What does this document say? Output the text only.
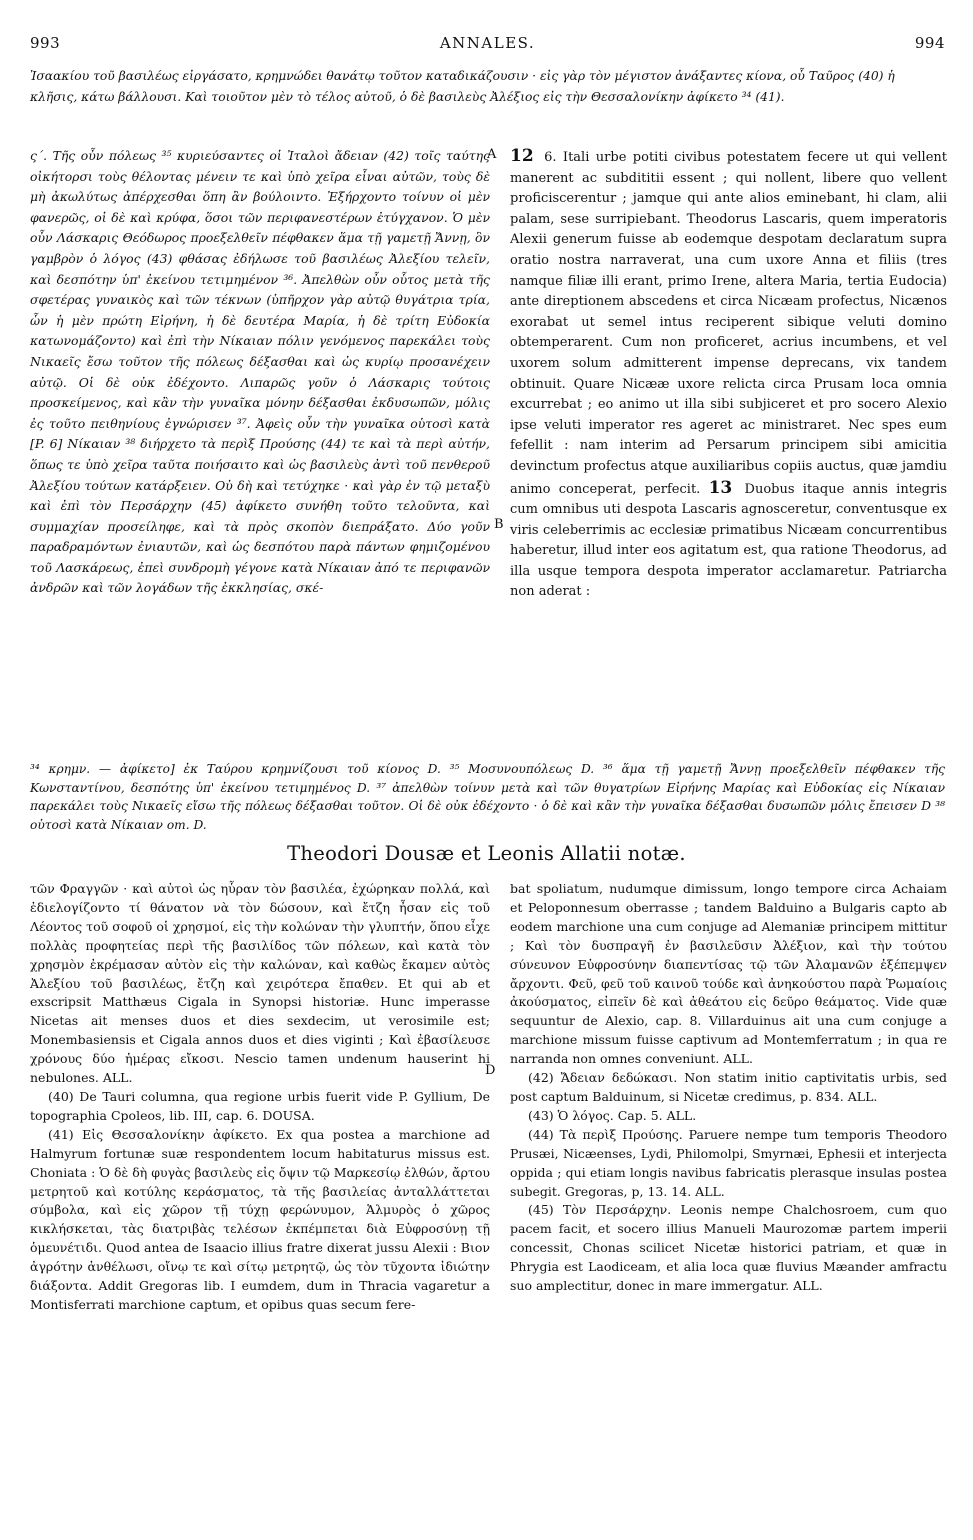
993	ANNALES.	994

Ἰσαακίου τοῦ βασιλέως εἰργάσατο, κρημνώδει θανάτῳ τοῦτον καταδικάζουσιν · εἰς γὰρ τὸν μέγιστον ἀνάξαντες κίονα, οὗ Ταῦρος (40) ἡ κλῆσις, κάτω βάλλουσι. Καὶ τοιοῦτον μὲν τὸ τέλος αὐτοῦ, ὁ δὲ βασιλεὺς Ἀλέξιος εἰς τὴν Θεσσαλονίκην ἀφίκετο ³⁴ (41).

ς΄. Τῆς οὖν πόλεως ³⁵ κυριεύσαντες οἱ Ἰταλοὶ ἄδειαν (42) τοῖς ταύτης οἰκήτορσι τοὺς θέλοντας μένειν τε καὶ ὑπὸ χεῖρα εἶναι αὐτῶν, τοὺς δὲ μὴ ἀκωλύτως ἀπέρχεσθαι ὅπη ἂν βούλοιντο. Ἐξήρχοντο τοίνυν οἱ μὲν φανερῶς, οἱ δὲ καὶ κρύφα, ὅσοι τῶν περιφανεστέρων ἐτύγχανον. Ὁ μὲν οὖν Λάσκαρις Θεόδωρος προεξελθεῖν πέφθακεν ἅμα τῇ γαμετῇ Ἄννῃ, ὃν γαμβρὸν ὁ λόγος (43) φθάσας ἐδήλωσε τοῦ βασιλέως Ἀλεξίου τελεῖν, καὶ δεσπότην ὑπ' ἐκείνου τετιμημένον ³⁶. Ἀπελθὼν οὖν οὗτος μετὰ τῆς σφετέρας γυναικὸς καὶ τῶν τέκνων (ὑπῆρχον γὰρ αὐτῷ θυγάτρια τρία, ὧν ἡ μὲν πρώτη Εἰρήνη, ἡ δὲ δευτέρα Μαρία, ἡ δὲ τρίτη Εὐδοκία κατωνομάζοντο) καὶ ἐπὶ τὴν Νίκαιαν πόλιν γενόμενος παρεκάλει τοὺς Νικαεῖς ἔσω τοῦτον τῆς πόλεως δέξασθαι καὶ ὡς κυρίῳ προσανέχειν αὐτῷ. Οἱ δὲ οὐκ ἐδέχοντο. Λιπαρῶς γοῦν ὁ Λάσκαρις τούτοις προσκείμενος, καὶ κἂν τὴν γυναῖκα μόνην δέξασθαι ἐκδυσωπῶν, μόλις ἐς τοῦτο πειθηνίους ἐγνώρισεν ³⁷. Ἀφεὶς οὖν τὴν γυναῖκα οὑτοσὶ κατὰ [P. 6] Νίκαιαν ³⁸ διήρχετο τὰ περὶξ Προύσης (44) τε καὶ τὰ περὶ αὐτήν, ὅπως τε ὑπὸ χεῖρα ταῦτα ποιήσαιτο καὶ ὡς βασιλεὺς ἀντὶ τοῦ πενθεροῦ Ἀλεξίου τούτων κατάρξειεν. Οὐ δὴ καὶ τετύχηκε · καὶ γὰρ ἐν τῷ μεταξὺ καὶ ἐπὶ τὸν Περσάρχην (45) ἀφίκετο συνήθη τοῦτο τελοῦντα, καὶ συμμαχίαν προσείληφε, καὶ τὰ πρὸς σκοπὸν διεπράξατο. Δύο γοῦν παραδραμόντων ἐνιαυτῶν, καὶ ὡς δεσπότου παρὰ πάντων φημιζομένου τοῦ Λασκάρεως, ἐπεὶ συνδρομὴ γέγονε κατὰ Νίκαιαν ἀπό τε περιφανῶν ἀνδρῶν καὶ τῶν λογάδων τῆς ἐκκλησίας, σκέ-

A
B
D

12 6. Itali urbe potiti civibus potestatem fecere ut qui vellent manerent ac subdititii essent ; qui nollent, libere quo vellent proficiscerentur ; jamque qui ante alios eminebant, hi clam, alii palam, sese surripiebant. Theodorus Lascaris, quem imperatoris Alexii generum fuisse ab eodemque despotam declaratum supra oratio nostra narraverat, una cum uxore Anna et filiis (tres namque filiæ illi erant, primo Irene, altera Maria, tertia Eudocia) ante direptionem abscedens et circa Nicæam profectus, Nicænos exorabat ut semel intus reciperent sibique veluti domino obtemperarent. Cum non proficeret, acrius incumbens, et vel uxorem solum admitterent impense deprecans, vix tandem obtinuit. Quare Nicææ uxore relicta circa Prusam loca omnia excurrebat ; eo animo ut illa sibi subjiceret et pro socero Alexio ipse veluti imperator res ageret ac ministraret. Nec spes eum fefellit : nam interim ad Persarum principem sibi amicitia devinctum profectus atque auxiliaribus copiis auctus, quæ jamdiu animo conceperat, perfecit. 13 Duobus itaque annis integris cum omnibus uti despota Lascaris agnosceretur, conventusque ex viris celeberrimis ac ecclesiæ primatibus Nicæam concurrentibus haberetur, illud inter eos agitatum est, qua ratione Theodorus, ad illa usque tempora despota imperator acclamaretur. Patriarcha non aderat :

³⁴ κρημν. — ἀφίκετο] ἐκ Ταύρου κρημνίζουσι τοῦ κίονος D. ³⁵ Μοσυνουπόλεως D. ³⁶ ἅμα τῇ γαμετῇ Ἄννῃ προεξελθεῖν πέφθακεν τῆς Κωνσταντίνου, δεσπότης ὑπ' ἐκείνου τετιμημένος D. ³⁷ ἀπελθὼν τοίνυν μετὰ καὶ τῶν θυγατρίων Εἰρήνης Μαρίας καὶ Εὐδοκίας εἰς Νίκαιαν παρεκάλει τοὺς Νικαεῖς εἴσω τῆς πόλεως δέξασθαι τοῦτον. Οἱ δὲ οὐκ ἐδέχοντο · ὁ δὲ καὶ κἂν τὴν γυναῖκα δέξασθαι δυσωπῶν μόλις ἔπεισεν D ³⁸ οὑτοσὶ κατὰ Νίκαιαν om. D.

Theodori Dousæ et Leonis Allatii notæ.

τῶν Φραγγῶν · καὶ αὐτοὶ ὡς ηὗραν τὸν βασιλέα, ἐχώρηκαν πολλά, καὶ ἐδιελογίζοντο τί θάνατον νὰ τὸν δώσουν, καὶ ἔτζη ἦσαν εἰς τοῦ Λέοντος τοῦ σοφοῦ οἱ χρησμοί, εἰς τὴν κολώναν τὴν γλυπτήν, ὅπου εἶχε πολλὰς προφητείας περὶ τῆς βασιλίδος τῶν πόλεων, καὶ κατὰ τὸν χρησμὸν ἐκρέμασαν αὐτὸν εἰς τὴν καλώναν, καὶ καθὼς ἔκαμεν αὐτὸς Ἀλεξίου τοῦ βασιλέως, ἔτζη καὶ χειρότερα ἔπαθεν. Et qui ab et exscripsit Matthæus Cigala in Synopsi historiæ. Hunc imperasse Nicetas ait menses duos et dies sexdecim, ut verosimile est; Monembasiensis et Cigala annos duos et dies viginti ; Καὶ ἐβασίλευσε χρόνους δύο ἡμέρας εἴκοσι. Nescio tamen undenum hauserint hi nebulones. ALL.

(40) De Tauri columna, qua regione urbis fuerit vide P. Gyllium, De topographia Cpoleos, lib. III, cap. 6. DOUSA.

(41) Εἰς Θεσσαλονίκην ἀφίκετο. Ex qua postea a marchione ad Halmyrum fortunæ suæ respondentem locum habitaturus missus est. Choniata : Ὁ δὲ δὴ φυγὰς βασιλεὺς εἰς ὄψιν τῷ Μαρκεσίῳ ἐλθών, ἄρτου μετρητοῦ καὶ κοτύλης κεράσματος, τὰ τῆς βασιλείας ἀνταλλάττεται σύμβολα, καὶ εἰς χῶρον τῇ τύχῃ φερώνυμον, Ἁλμυρὸς ὁ χῶρος κικλήσκεται, τὰς διατριβὰς τελέσων ἐκπέμπεται διὰ Εὐφροσύνῃ τῇ ὁμευνέτιδι. Quod antea de Isaacio illius fratre dixerat jussu Alexii : Βιον ἀγρότην ἀνθέλωσι, οἴνῳ τε καὶ σίτῳ μετρητῷ, ὡς τὸν τῦχοντα ἰδιώτην διάξοντα. Addit Gregoras lib. I eumdem, dum in Thracia vagaretur a Montisferrati marchione captum, et opibus quas secum fere-

bat spoliatum, nudumque dimissum, longo tempore circa Achaiam et Peloponnesum oberrasse ; tandem Balduino a Bulgaris capto ab eodem marchione una cum conjuge ad Alemaniæ principem mittitur ; Καὶ τὸν δυσπραγῆ ἐν βασιλεῦσιν Ἀλέξιον, καὶ τὴν τούτου σύνευνον Εὐφροσύνην διαπεντίσας τῷ τῶν Ἀλαμανῶν ἐξέπεμψεν ἄρχοντι. Φεῦ, φεῦ τοῦ καινοῦ τούδε καὶ ἀνηκούστου παρὰ Ῥωμαίοις ἀκούσματος, εἰπεῖν δὲ καὶ ἀθεάτου εἰς δεῦρο θεάματος. Vide quæ sequuntur de Alexio, cap. 8. Villarduinus ait una cum conjuge a marchione missum fuisse captivum ad Montemferratum ; in qua re narranda non omnes conveniunt. ALL.

(42) Ἄδειαν δεδώκασι. Non statim initio captivitatis urbis, sed post captum Balduinum, si Nicetæ credimus, p. 834. ALL.

(43) Ὁ λόγος. Cap. 5. ALL.

(44) Τὰ περὶξ Προύσης. Paruere nempe tum temporis Theodoro Prusæi, Nicæenses, Lydi, Philomolpi, Smyrnæi, Ephesii et interjecta oppida ; qui etiam longis navibus fabricatis plerasque insulas postea subegit. Gregoras, p, 13. 14. ALL.

(45) Τὸν Περσάρχην. Leonis nempe Chalchosroem, cum quo pacem facit, et socero illius Manueli Maurozomæ partem imperii concessit, Chonas scilicet Nicetæ historici patriam, et quæ in Phrygia est Laodiceam, et alia loca quæ fluvius Mæander amfractu suo amplectitur, donec in mare immergatur. ALL.
